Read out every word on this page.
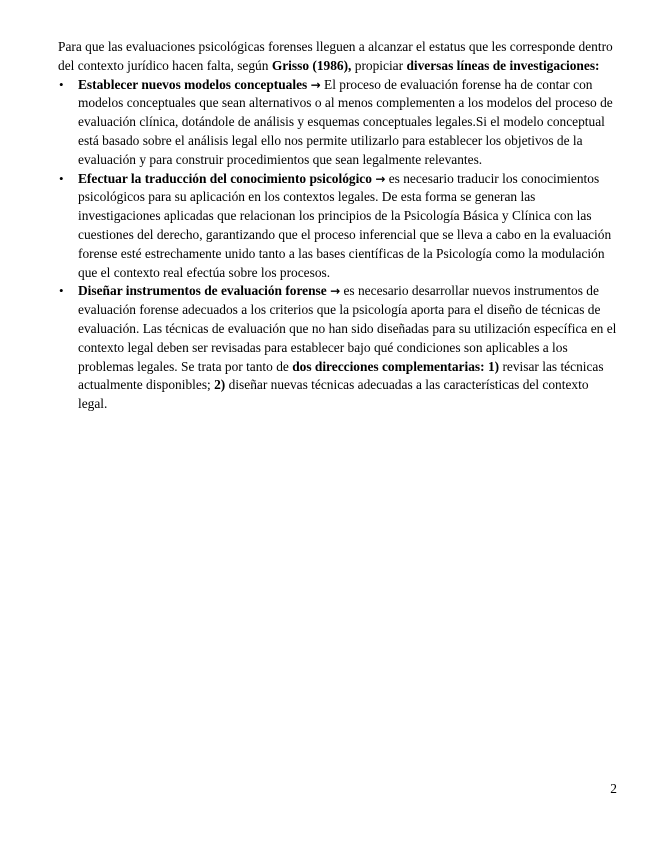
Para que las evaluaciones psicológicas forenses lleguen a alcanzar el estatus que les corresponde dentro del contexto jurídico hacen falta, según Grisso (1986), propiciar diversas líneas de investigaciones:

• Establecer nuevos modelos conceptuales → El proceso de evaluación forense ha de contar con modelos conceptuales que sean alternativos o al menos complementen a los modelos del proceso de evaluación clínica, dotándole de análisis y esquemas conceptuales legales.Si el modelo conceptual está basado sobre el análisis legal ello nos permite utilizarlo para establecer los objetivos de la evaluación y para construir procedimientos que sean legalmente relevantes.
• Efectuar la traducción del conocimiento psicológico → es necesario traducir los conocimientos psicológicos para su aplicación en los contextos legales. De esta forma se generan las investigaciones aplicadas que relacionan los principios de la Psicología Básica y Clínica con las cuestiones del derecho, garantizando que el proceso inferencial que se lleva a cabo en la evaluación forense esté estrechamente unido tanto a las bases científicas de la Psicología como la modulación que el contexto real efectúa sobre los procesos.
• Diseñar instrumentos de evaluación forense → es necesario desarrollar nuevos instrumentos de evaluación forense adecuados a los criterios que la psicología aporta para el diseño de técnicas de evaluación. Las técnicas de evaluación que no han sido diseñadas para su utilización específica en el contexto legal deben ser revisadas para establecer bajo qué condiciones son aplicables a los problemas legales. Se trata por tanto de dos direcciones complementarias: 1) revisar las técnicas actualmente disponibles; 2) diseñar nuevas técnicas adecuadas a las características del contexto legal.
2
